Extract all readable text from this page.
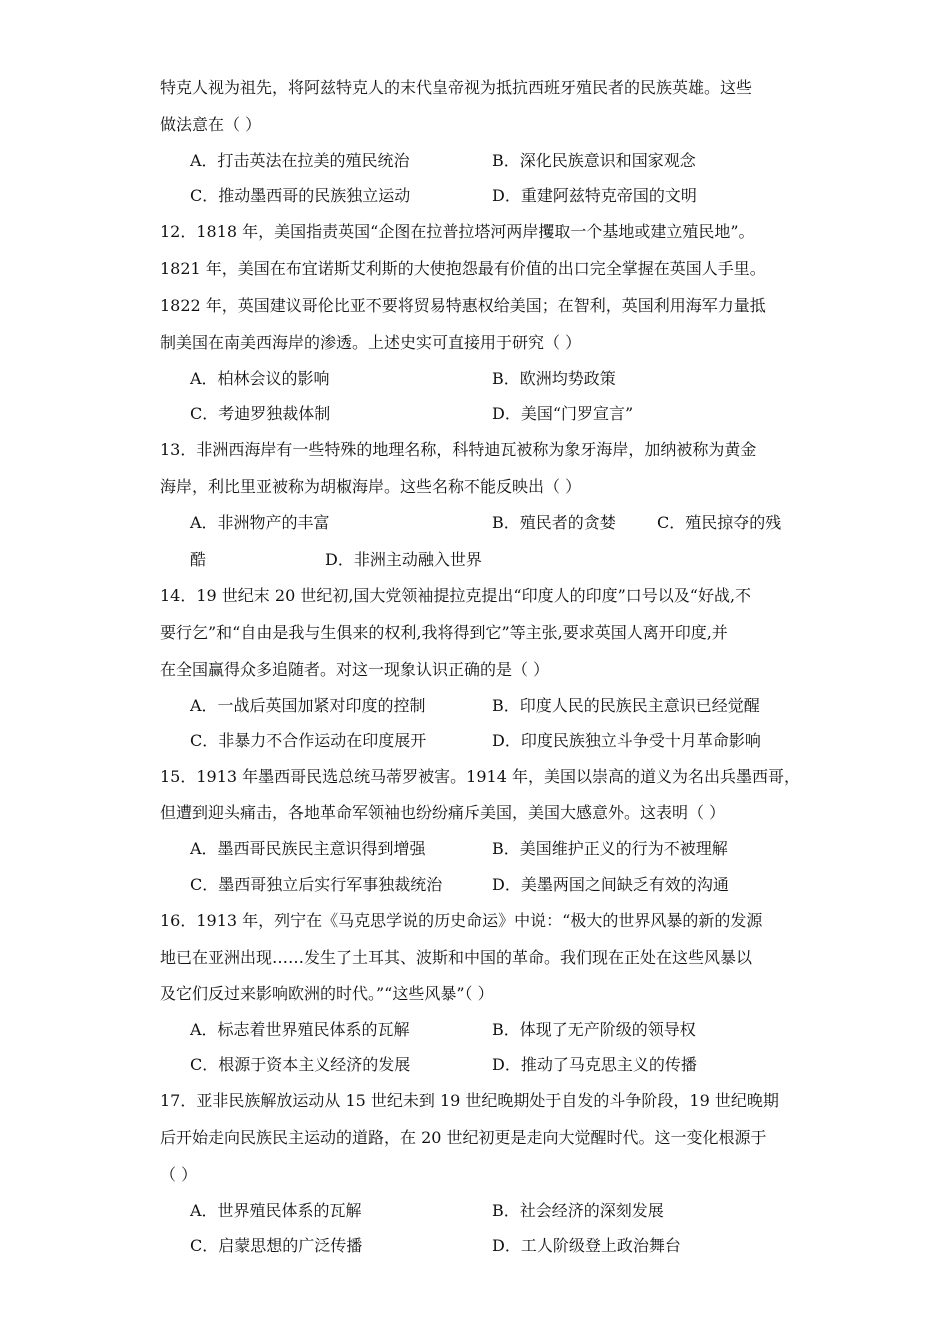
特克人视为祖先，将阿兹特克人的末代皇帝视为抵抗西班牙殖民者的民族英雄。这些
做法意在（ ）
A．打击英法在拉美的殖民统治	B．深化民族意识和国家观念
C．推动墨西哥的民族独立运动	D．重建阿兹特克帝国的文明
12．1818 年，美国指责英国“企图在拉普拉塔河两岸攫取一个基地或建立殖民地”。
1821 年，美国在布宜诺斯艾利斯的大使抱怨最有价值的出口完全掌握在英国人手里。
1822 年，英国建议哥伦比亚不要将贸易特惠权给美国；在智利，英国利用海军力量抵
制美国在南美西海岸的渗透。上述史实可直接用于研究（ ）
A．柏林会议的影响	B．欧洲均势政策
C．考迪罗独裁体制	D．美国“门罗宣言”
13．非洲西海岸有一些特殊的地理名称，科特迪瓦被称为象牙海岸，加纳被称为黄金
海岸，利比里亚被称为胡椒海岸。这些名称不能反映出（ ）
A．非洲物产的丰富	B．殖民者的贪婪	C．殖民掠夺的残
酷	D．非洲主动融入世界
14．19 世纪末 20 世纪初,国大党领袖提拉克提出“印度人的印度”口号以及“好战,不
要行乞”和“自由是我与生俱来的权利,我将得到它”等主张,要求英国人离开印度,并
在全国赢得众多追随者。对这一现象认识正确的是（ ）
A．一战后英国加紧对印度的控制	B．印度人民的民族民主意识已经觉醒
C．非暴力不合作运动在印度展开	D．印度民族独立斗争受十月革命影响
15．1913 年墨西哥民选总统马蒂罗被害。1914 年，美国以崇高的道义为名出兵墨西哥，
但遭到迎头痛击，各地革命军领袖也纷纷痛斥美国，美国大感意外。这表明（ ）
A．墨西哥民族民主意识得到增强	B．美国维护正义的行为不被理解
C．墨西哥独立后实行军事独裁统治	D．美墨两国之间缺乏有效的沟通
16．1913 年，列宁在《马克思学说的历史命运》中说：“极大的世界风暴的新的发源
地已在亚洲出现……发生了土耳其、波斯和中国的革命。我们现在正处在这些风暴以
及它们反过来影响欧洲的时代。”“这些风暴”（ ）
A．标志着世界殖民体系的瓦解	B．体现了无产阶级的领导权
C．根源于资本主义经济的发展	D．推动了马克思主义的传播
17．亚非民族解放运动从 15 世纪未到 19 世纪晚期处于自发的斗争阶段，19 世纪晚期
后开始走向民族民主运动的道路，在 20 世纪初更是走向大觉醒时代。这一变化根源于
（ ）
A．世界殖民体系的瓦解	B．社会经济的深刻发展
C．启蒙思想的广泛传播	D．工人阶级登上政治舞台
